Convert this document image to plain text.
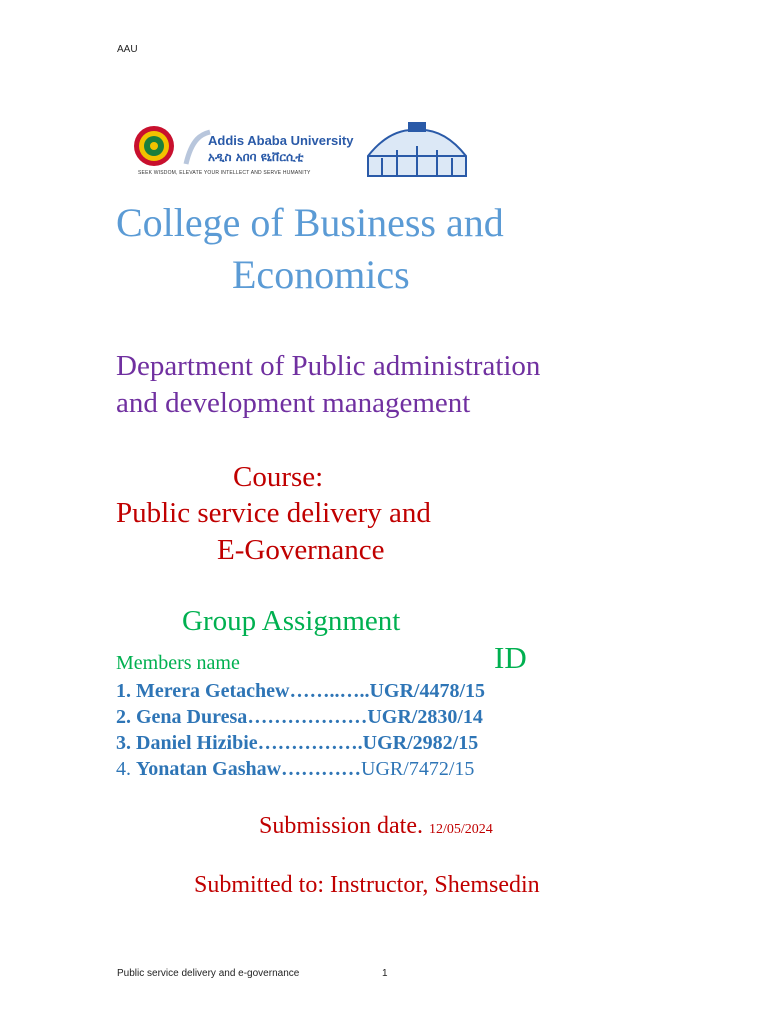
AAU
Addis Ababa University
አዲስ አበባ ዩኒቨርሲቲ
SEEK WISDOM, ELEVATE YOUR INTELLECT AND SERVE HUMANITY
College of Business and
Economics
Department of Public administration
and development management
Course:
Public service delivery and
E-Governance
Group Assignment
Members name	ID
1. Merera Getachew……..…..UGR/4478/15
2. Gena Duresa………………UGR/2830/14
3. Daniel Hizibie…………….UGR/2982/15
4. Yonatan Gashaw…………UGR/7472/15
Submission date. 12/05/2024
Submitted to: Instructor, Shemsedin
Public service delivery and e-governance	1
